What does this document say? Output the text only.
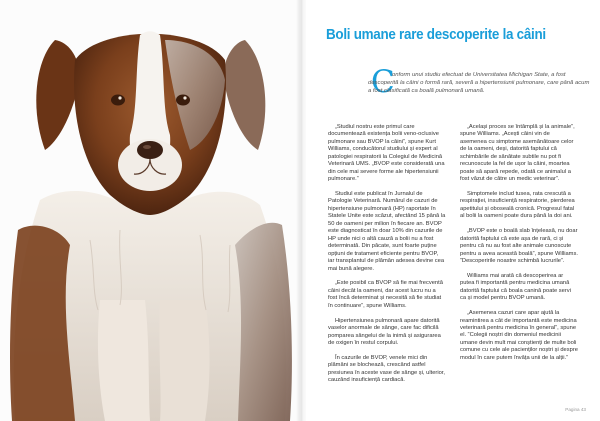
Boli umane rare descoperite la câini
C
onform unui studiu efectuat de Universitatea Michigan State, a fost descoperită la câini o formă rară, severă a hipertensiunii pulmonare, care până acum a fost clasificată ca boală pulmonară umană.

„Studiul nostru este primul care documentează existența bolii veno-oclusive pulmonare sau BVOP la câini”, spune Kurt Williams, conducătorul studiului și expert al patologiei respiratorii la Colegiul de Medicină Veterinară UMS. „BVOP este considerată una din cele mai severe forme ale hipertensiunii pulmonare.”

Studiul este publicat în Jurnalul de Patologie Veterinară. Numărul de cazuri de hipertensiune pulmonară (HP) raportate în Statele Unite este scăzut, afectând 15 până la 50 de oameni per milion în fiecare an. BVOP este diagnosticat în doar 10% din cazurile de HP unde nici o altă cauză a bolii nu a fost determinată. Din păcate, sunt foarte puține opțiuni de tratament eficiente pentru BVOP, iar transplantul de plămân adesea devine cea mai bună alegere.

„Este posibil ca BVOP să fie mai frecventă câini decât la oameni, dar acest lucru nu a fost încă determinat și necesită să fie studiat în continuare”, spune Williams.

Hipertensiunea pulmonară apare datorită vaselor anormale de sânge, care fac dificilă pomparea sângelui de la inimă și asigurarea de oxigen în restul corpului.

În cazurile de BVOP, venele mici din plămâni se blochează, crescând astfel presiunea în aceste vase de sânge și, ulterior, cauzând insuficiență cardiacă.

„Același proces se întâmplă și la animale”, spune Williams. „Acești câini vin de asemenea cu simptome asemănătoare celor de la oameni, deși, datorită faptului că schimbările de sănătate subtile nu pot fi recunoscute la fel de ușor la câini, moartea poate să apară repede, odată ce animalul a fost văzut de către un medic veterinar”.

Simptomele includ tusea, rata crescută a respirației, insuficiență respiratorie, pierderea apetitului și oboseală cronică. Progresul fatal al bolii la oameni poate dura până la doi ani.

„BVOP este o boală slab înțeleasă, nu doar datorită faptului că este așa de rară, ci și pentru că nu au fost alte animale cunoscute pentru a avea această boală”, spune Williams. “Descoperirile noastre schimbă lucrurile”.

Williams mai arată că descoperirea ar putea fi importantă pentru medicina umană datorită faptului că boala canină poate servi ca și model pentru BVOP umană.

„Asemenea cazuri care apar ajută la reamintirea a cât de importantă este medicina veterinară pentru medicina în general”, spune el. “Colegii noștri din domeniul medicinii umane devin mult mai conștienți de multe boli comune cu cele ale pacienților noștri și despre modul în care putem învăța unii de la alții.”

Pagina 43
